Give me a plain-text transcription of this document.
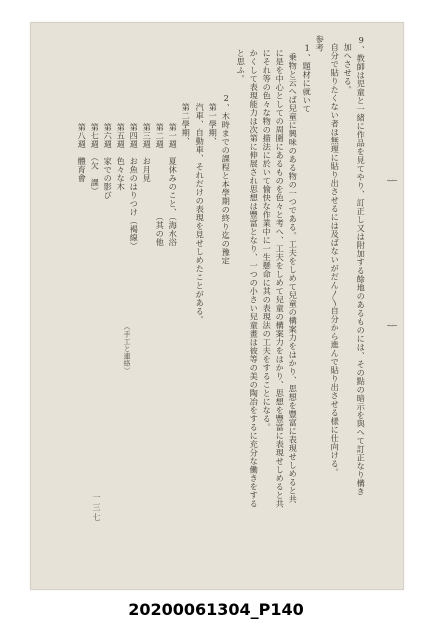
9、教師は児童と一緒に作品を見てやり、訂正し又は附加する餘地のあるものには、その點の暗示を與へて訂正なり構き
加へさせる。
自分で貼りたくない者は無理に貼り出させるには及ばないがだん〳〵自分から進んで貼り出させる様に仕向ける。
参考
1、題材に就いて
乗物と云へば兒童に興味のある物の一つである。工夫をしめて兒童の構案力をはかり、思想を豐富に表現せしめると共
に是を中心としての周圍にあるものを色々と考へ、工夫をしめて兒童の構案力をはかり、思想を豐富に表現せしめると共
にそれ等の色々な物の描法に於いて愉快な作業中に一生懸命に其の表現法の工夫をすることになる。
かくして表現能力は次第に伸展され思想は豐富となり、一つの小さい兒童畫は彼等の美の陶冶をするに充分な働きをする
と思ふ。
2、木時までの課程と本學期の終り迄の豫定
第一學期、
汽車、自動車、それだけの表現を見せしめたことがある。
第二學期、
第一週　夏休みのこと、（海水浴
第二週　　　　　　　　（其の他
第三週　お月見
第四週　お魚のはりつけ（褐線）
第五週　色々な木
第六週　家での影び
第七週　（欠　課）
第八週　體育會
（手工と連絡）
一三七
20200061304_P140
